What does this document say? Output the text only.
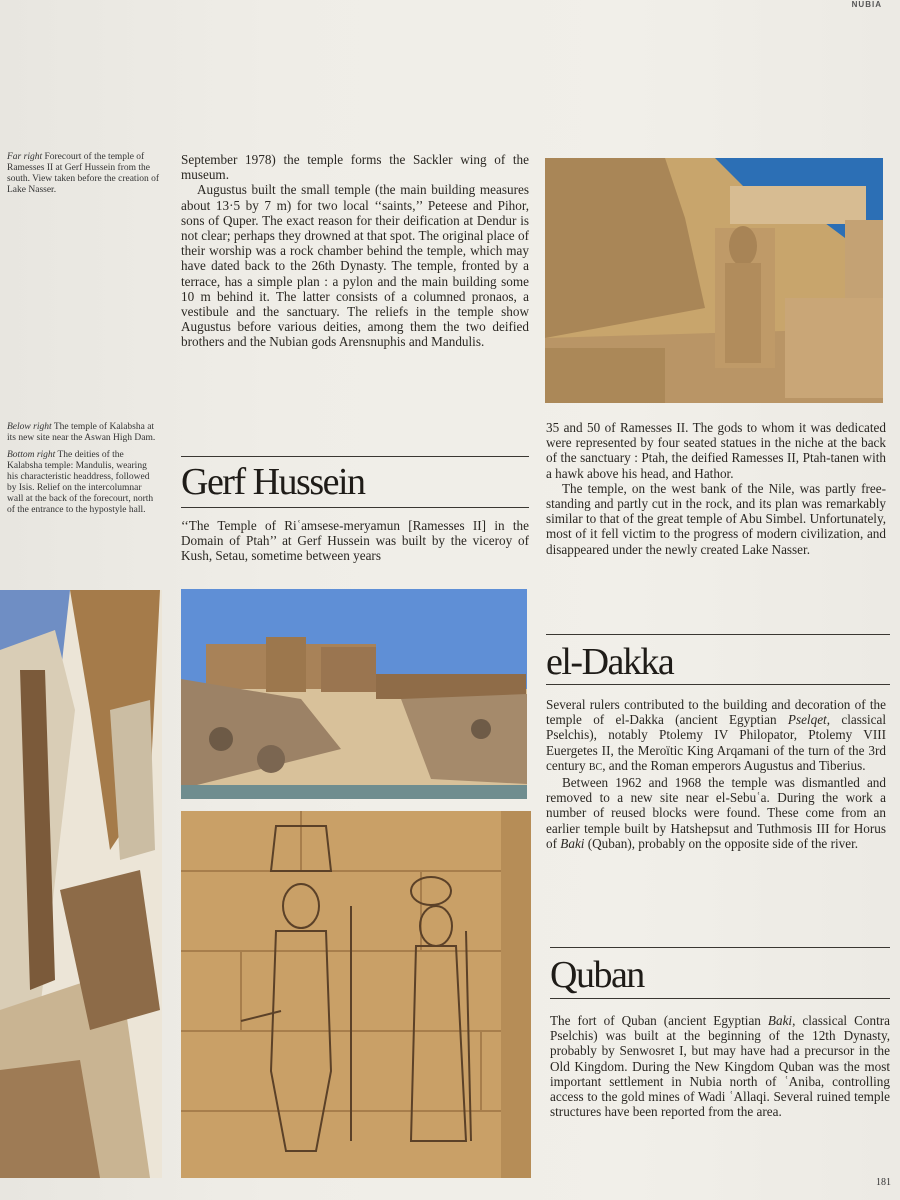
NUBIA
Far right Forecourt of the temple of Ramesses II at Gerf Hussein from the south. View taken before the creation of Lake Nasser.

Below right The temple of Kalabsha at its new site near the Aswan High Dam.

Bottom right The deities of the Kalabsha temple: Mandulis, wearing his characteristic headdress, followed by Isis. Relief on the intercolumnar wall at the back of the forecourt, north of the entrance to the hypostyle hall.

September 1978) the temple forms the Sackler wing of the museum.

Augustus built the small temple (the main building measures about 13·5 by 7 m) for two local ‘‘saints,’’ Peteese and Pihor, sons of Quper. The exact reason for their deification at Dendur is not clear; perhaps they drowned at that spot. The original place of their worship was a rock chamber behind the temple, which may have dated back to the 26th Dynasty. The temple, fronted by a terrace, has a simple plan : a pylon and the main building some 10 m behind it. The latter consists of a columned pronaos, a vestibule and the sanctuary. The reliefs in the temple show Augustus before various deities, among them the two deified brothers and the Nubian gods Arensnuphis and Mandulis.

Gerf Hussein

‘‘The Temple of Riʿamsese-meryamun [Ramesses II] in the Domain of Ptah’’ at Gerf Hussein was built by the viceroy of Kush, Setau, sometime between years

35 and 50 of Ramesses II. The gods to whom it was dedicated were represented by four seated statues in the niche at the back of the sanctuary : Ptah, the deified Ramesses II, Ptah-tanen with a hawk above his head, and Hathor.

The temple, on the west bank of the Nile, was partly free-standing and partly cut in the rock, and its plan was remarkably similar to that of the great temple of Abu Simbel. Unfortunately, most of it fell victim to the progress of modern civilization, and disappeared under the newly created Lake Nasser.

el-Dakka

Several rulers contributed to the building and decoration of the temple of el-Dakka (ancient Egyptian Pselqet, classical Pselchis), notably Ptolemy IV Philopator, Ptolemy VIII Euergetes II, the Meroïtic King Arqamani of the turn of the 3rd century BC, and the Roman emperors Augustus and Tiberius.

Between 1962 and 1968 the temple was dismantled and removed to a new site near el-Sebuʿa. During the work a number of reused blocks were found. These come from an earlier temple built by Hatshepsut and Tuthmosis III for Horus of Baki (Quban), probably on the opposite side of the river.

Quban

The fort of Quban (ancient Egyptian Baki, classical Contra Pselchis) was built at the beginning of the 12th Dynasty, probably by Senwosret I, but may have had a precursor in the Old Kingdom. During the New Kingdom Quban was the most important settlement in Nubia north of ʿAniba, controlling access to the gold mines of Wadi ʿAllaqi. Several ruined temple structures have been reported from the area.

181
